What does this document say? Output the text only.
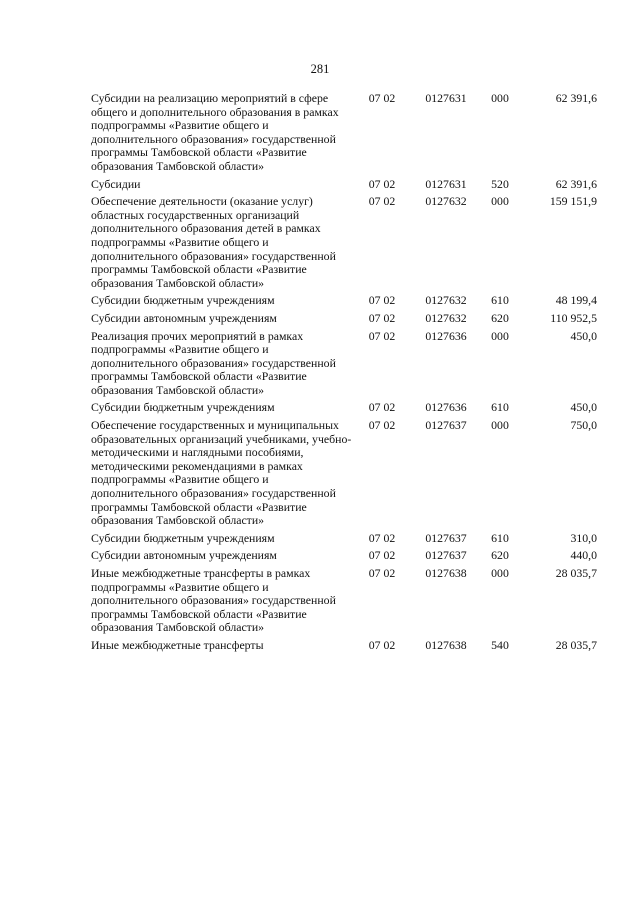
281
Субсидии на реализацию мероприятий в сфере общего и дополнительного образования в рамках подпрограммы «Развитие общего и дополнительного образования» государственной программы Тамбовской области «Развитие образования Тамбовской области»	07 02	0127631	000	62 391,6
Субсидии	07 02	0127631	520	62 391,6
Обеспечение деятельности (оказание услуг) областных государственных организаций дополнительного образования детей в рамках подпрограммы «Развитие общего и дополнительного образования» государственной программы Тамбовской области «Развитие образования Тамбовской области»	07 02	0127632	000	159 151,9
Субсидии бюджетным учреждениям	07 02	0127632	610	48 199,4
Субсидии автономным учреждениям	07 02	0127632	620	110 952,5
Реализация прочих мероприятий в рамках подпрограммы «Развитие общего и дополнительного образования» государственной программы Тамбовской области «Развитие образования Тамбовской области»	07 02	0127636	000	450,0
Субсидии бюджетным учреждениям	07 02	0127636	610	450,0
Обеспечение государственных и муниципальных образовательных организаций учебниками, учебно-методическими и наглядными пособиями, методическими рекомендациями в рамках подпрограммы «Развитие общего и дополнительного образования» государственной программы Тамбовской области «Развитие образования Тамбовской области»	07 02	0127637	000	750,0
Субсидии бюджетным учреждениям	07 02	0127637	610	310,0
Субсидии автономным учреждениям	07 02	0127637	620	440,0
Иные межбюджетные трансферты в рамках подпрограммы «Развитие общего и дополнительного образования» государственной программы Тамбовской области «Развитие образования Тамбовской области»	07 02	0127638	000	28 035,7
Иные межбюджетные трансферты	07 02	0127638	540	28 035,7
